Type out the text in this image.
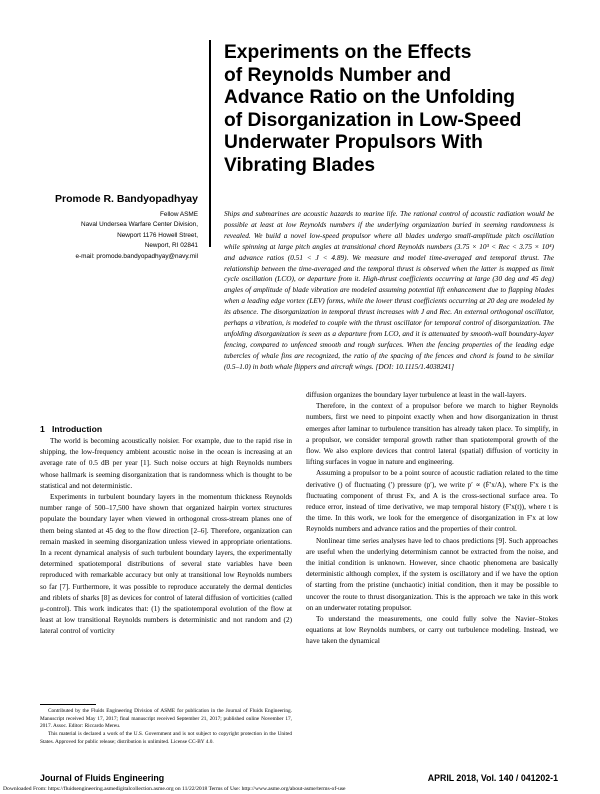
Experiments on the Effects
of Reynolds Number and
Advance Ratio on the Unfolding
of Disorganization in Low-Speed
Underwater Propulsors With
Vibrating Blades
Promode R. Bandyopadhyay
Fellow ASME
Naval Undersea Warfare Center Division,
Newport 1176 Howell Street,
Newport, RI 02841
e-mail: promode.bandyopadhyay@navy.mil
Ships and submarines are acoustic hazards to marine life. The rational control of acoustic radiation would be possible at least at low Reynolds numbers if the underlying organization buried in seeming randomness is revealed. We build a novel low-speed propulsor where all blades undergo small-amplitude pitch oscillation while spinning at large pitch angles at transitional chord Reynolds numbers (3.75 × 10³ < Rec < 3.75 × 10⁴) and advance ratios (0.51 < J < 4.89). We measure and model time-averaged and temporal thrust. The relationship between the time-averaged and the temporal thrust is observed when the latter is mapped as limit cycle oscillation (LCO), or departure from it. High-thrust coefficients occurring at large (30 deg and 45 deg) angles of amplitude of blade vibration are modeled assuming potential lift enhancement due to flapping blades when a leading edge vortex (LEV) forms, while the lower thrust coefficients occurring at 20 deg are modeled by its absence. The disorganization in temporal thrust increases with J and Rec. An external orthogonal oscillator, perhaps a vibration, is modeled to couple with the thrust oscillator for temporal control of disorganization. The unfolding disorganization is seen as a departure from LCO, and it is attenuated by smooth-wall boundary-layer fencing, compared to unfenced smooth and rough surfaces. When the fencing properties of the leading edge tubercles of whale fins are recognized, the ratio of the spacing of the fences and chord is found to be similar (0.5–1.0) in both whale flippers and aircraft wings. [DOI: 10.1115/1.4038241]
1 Introduction

The world is becoming acoustically noisier. For example, due to the rapid rise in shipping, the low-frequency ambient acoustic noise in the ocean is increasing at an average rate of 0.5 dB per year [1]. Such noise occurs at high Reynolds numbers whose hallmark is seeming disorganization that is randomness which is thought to be statistical and not deterministic.

Experiments in turbulent boundary layers in the momentum thickness Reynolds number range of 500–17,500 have shown that organized hairpin vortex structures populate the boundary layer when viewed in orthogonal cross-stream planes one of them being slanted at 45 deg to the flow direction [2–6]. Therefore, organization can remain masked in seeming disorganization unless viewed in appropriate orientations. In a recent dynamical analysis of such turbulent boundary layers, the experimentally determined spatiotemporal distributions of several state variables have been reproduced with remarkable accuracy but only at transitional low Reynolds numbers so far [7]. Furthermore, it was possible to reproduce accurately the dermal denticles and riblets of sharks [8] as devices for control of lateral diffusion of vorticities (called μ-control). This work indicates that: (1) the spatiotemporal evolution of the flow at least at low transitional Reynolds numbers is deterministic and not random and (2) lateral control of vorticity

diffusion organizes the boundary layer turbulence at least in the wall-layers.

Therefore, in the context of a propulsor before we march to higher Reynolds numbers, first we need to pinpoint exactly when and how disorganization in thrust emerges after laminar to turbulence transition has already taken place. To simplify, in a propulsor, we consider temporal growth rather than spatiotemporal growth of the flow. We also explore devices that control lateral (spatial) diffusion of vorticity in lifting surfaces in vogue in nature and engineering.

Assuming a propulsor to be a point source of acoustic radiation related to the time derivative () of fluctuating (′) pressure (p′), we write p′ ∝ (Ḟ′x/A), where F′x is the fluctuating component of thrust Fx, and A is the cross-sectional surface area. To reduce error, instead of time derivative, we map temporal history (F′x(t)), where t is the time. In this work, we look for the emergence of disorganization in F′x at low Reynolds numbers and advance ratios and the properties of their control.

Nonlinear time series analyses have led to chaos predictions [9]. Such approaches are useful when the underlying determinism cannot be extracted from the noise, and the initial condition is unknown. However, since chaotic phenomena are basically deterministic although complex, if the system is oscillatory and if we have the option of starting from the pristine (unchaotic) initial condition, then it may be possible to uncover the route to thrust disorganization. This is the approach we take in this work on an underwater rotating propulsor.

To understand the measurements, one could fully solve the Navier–Stokes equations at low Reynolds numbers, or carry out turbulence modeling. Instead, we have taken the dynamical

Contributed by the Fluids Engineering Division of ASME for publication in the Journal of Fluids Engineering. Manuscript received May 17, 2017; final manuscript received September 21, 2017; published online November 17, 2017. Assoc. Editor: Riccardo Mereu.

This material is declared a work of the U.S. Government and is not subject to copyright protection in the United States. Approved for public release; distribution is unlimited. License CC-BY 4.0.

Journal of Fluids Engineering	APRIL 2018, Vol. 140 / 041202-1
Downloaded From: https://fluidsengineering.asmedigitalcollection.asme.org on 11/22/2018 Terms of Use: http://www.asme.org/about-asme/terms-of-use
